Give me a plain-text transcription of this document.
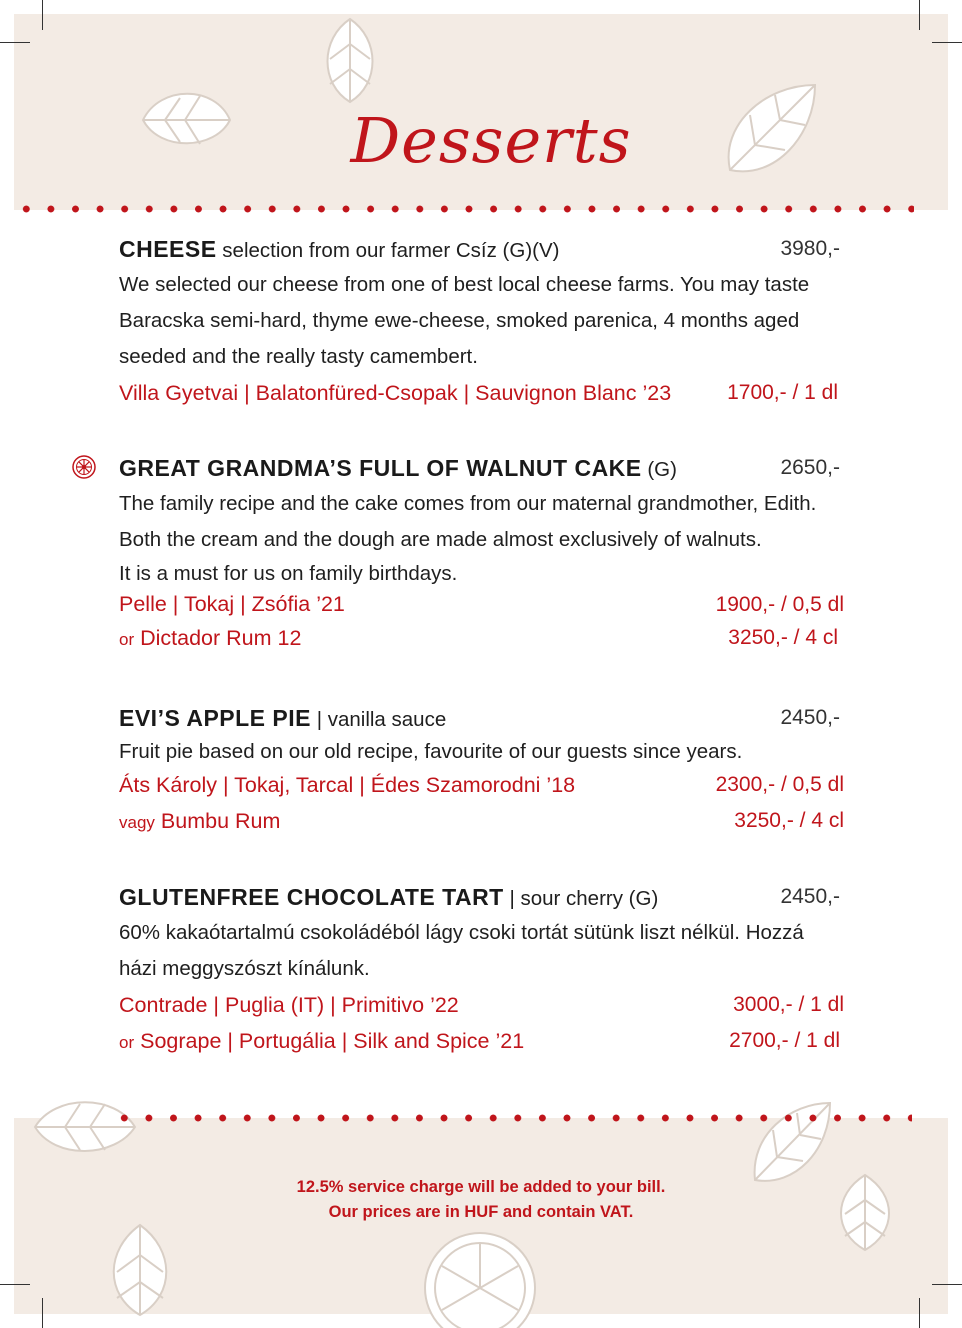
Desserts
CHEESE selection from our farmer Csíz (G)(V)	3980,-
We selected our cheese from one of best local cheese farms. You may taste
Baracska semi-hard, thyme ewe-cheese, smoked parenica, 4 months aged
seeded and the really tasty camembert.
Villa Gyetvai | Balatonfüred-Csopak | Sauvignon Blanc ’23	1700,- / 1 dl
GREAT GRANDMA’S FULL OF WALNUT CAKE (G)	2650,-
The family recipe and the cake comes from our maternal grandmother, Edith.
Both the cream and the dough are made almost exclusively of walnuts.
It is a must for us on family birthdays.
Pelle | Tokaj | Zsófia ’21	1900,- / 0,5 dl
or Dictador Rum 12	3250,- / 4 cl
EVI’S APPLE PIE | vanilla sauce	2450,-
Fruit pie based on our old recipe, favourite of our guests since years.
Áts Károly | Tokaj, Tarcal | Édes Szamorodni ’18	2300,- / 0,5 dl
vagy Bumbu Rum	3250,- / 4 cl
GLUTENFREE CHOCOLATE TART | sour cherry (G)	2450,-
60% kakaótartalmú csokoládéból lágy csoki tortát sütünk liszt nélkül. Hozzá
házi meggyszószt kínálunk.
Contrade | Puglia (IT) | Primitivo ’22	3000,- / 1 dl
or Sogrape | Portugália | Silk and Spice ’21	2700,- / 1 dl
12.5% service charge will be added to your bill.
Our prices are in HUF and contain VAT.
